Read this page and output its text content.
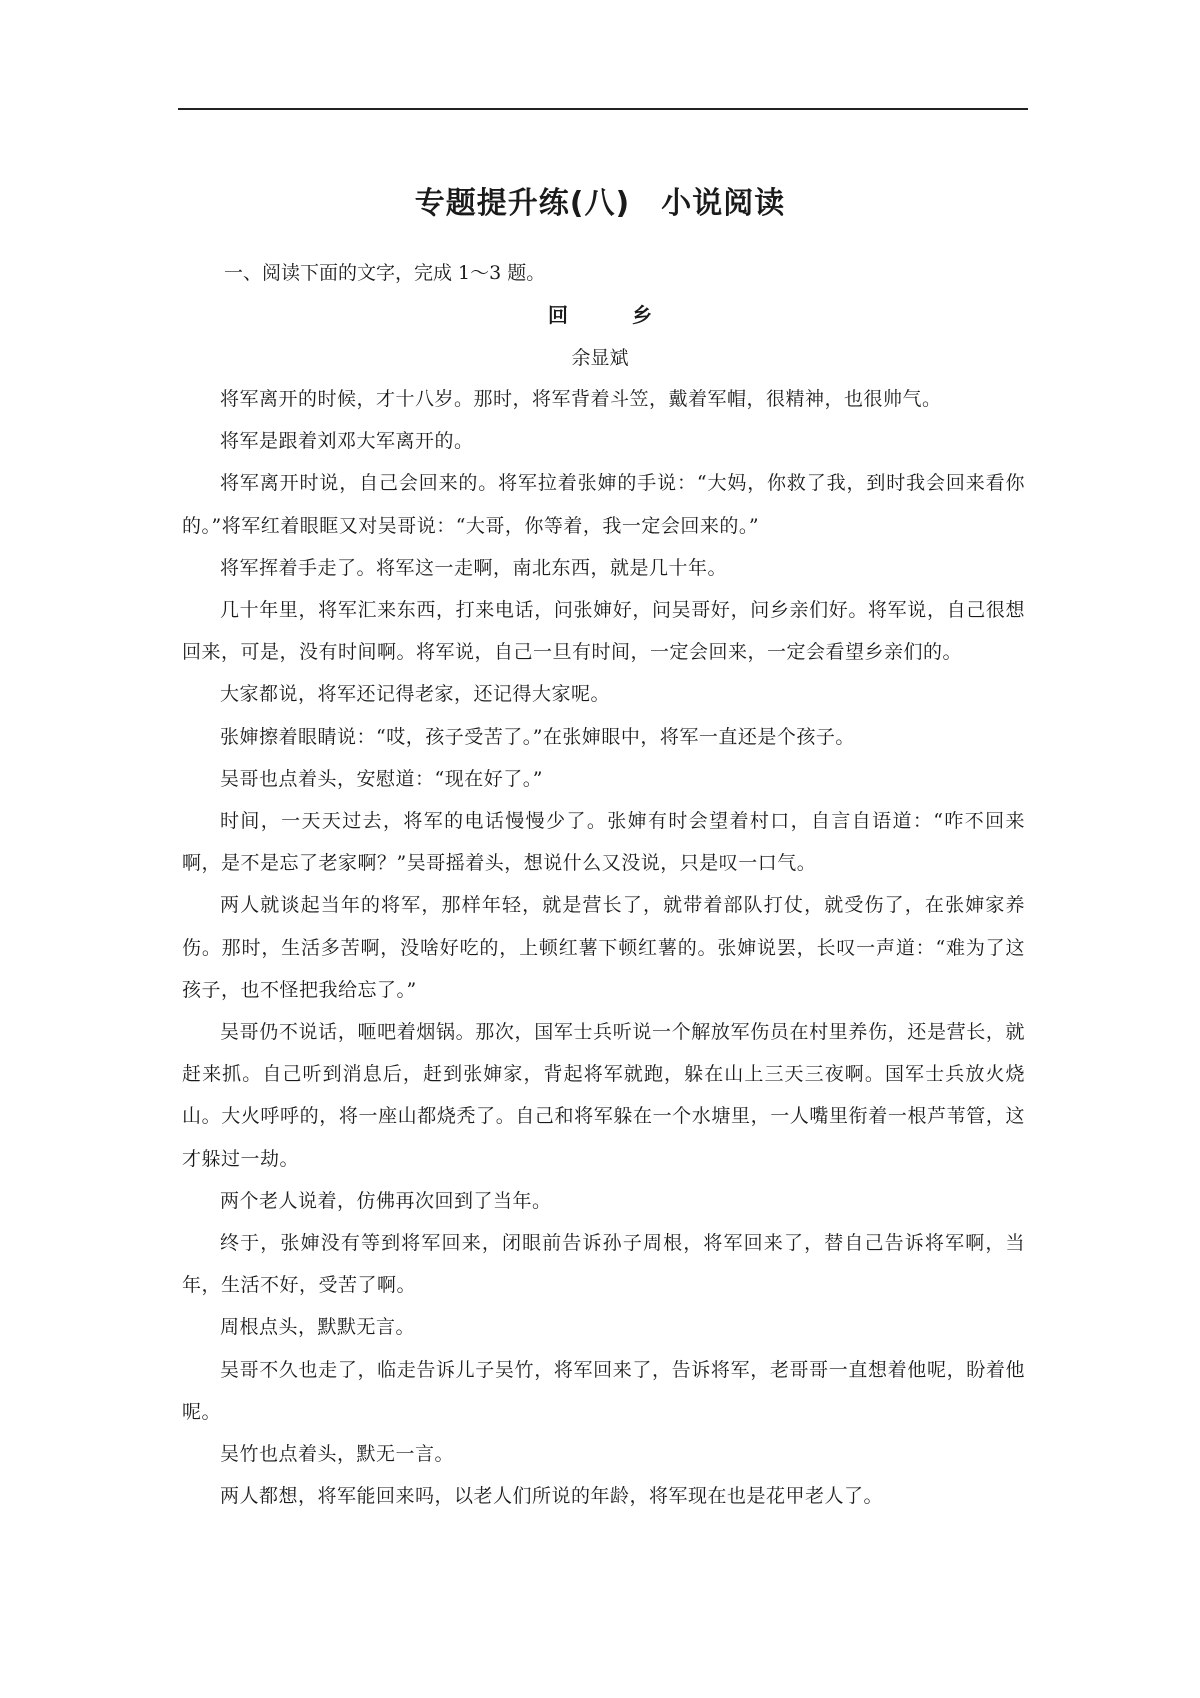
专题提升练(八)　小说阅读
一、阅读下面的文字，完成 1～3 题。
回　乡
余显斌

将军离开的时候，才十八岁。那时，将军背着斗笠，戴着军帽，很精神，也很帅气。

将军是跟着刘邓大军离开的。

将军离开时说，自己会回来的。将军拉着张婶的手说：“大妈，你救了我，到时我会回来看你的。”将军红着眼眶又对吴哥说：“大哥，你等着，我一定会回来的。”

将军挥着手走了。将军这一走啊，南北东西，就是几十年。

几十年里，将军汇来东西，打来电话，问张婶好，问吴哥好，问乡亲们好。将军说，自己很想回来，可是，没有时间啊。将军说，自己一旦有时间，一定会回来，一定会看望乡亲们的。

大家都说，将军还记得老家，还记得大家呢。

张婶擦着眼睛说：“哎，孩子受苦了。”在张婶眼中，将军一直还是个孩子。

吴哥也点着头，安慰道：“现在好了。”

时间，一天天过去，将军的电话慢慢少了。张婶有时会望着村口，自言自语道：“咋不回来啊，是不是忘了老家啊？”吴哥摇着头，想说什么又没说，只是叹一口气。

两人就谈起当年的将军，那样年轻，就是营长了，就带着部队打仗，就受伤了，在张婶家养伤。那时，生活多苦啊，没啥好吃的，上顿红薯下顿红薯的。张婶说罢，长叹一声道：“难为了这孩子，也不怪把我给忘了。”

吴哥仍不说话，咂吧着烟锅。那次，国军士兵听说一个解放军伤员在村里养伤，还是营长，就赶来抓。自己听到消息后，赶到张婶家，背起将军就跑，躲在山上三天三夜啊。国军士兵放火烧山。大火呼呼的，将一座山都烧秃了。自己和将军躲在一个水塘里，一人嘴里衔着一根芦苇管，这才躲过一劫。

两个老人说着，仿佛再次回到了当年。

终于，张婶没有等到将军回来，闭眼前告诉孙子周根，将军回来了，替自己告诉将军啊，当年，生活不好，受苦了啊。

周根点头，默默无言。

吴哥不久也走了，临走告诉儿子吴竹，将军回来了，告诉将军，老哥哥一直想着他呢，盼着他呢。

吴竹也点着头，默无一言。

两人都想，将军能回来吗，以老人们所说的年龄，将军现在也是花甲老人了。
